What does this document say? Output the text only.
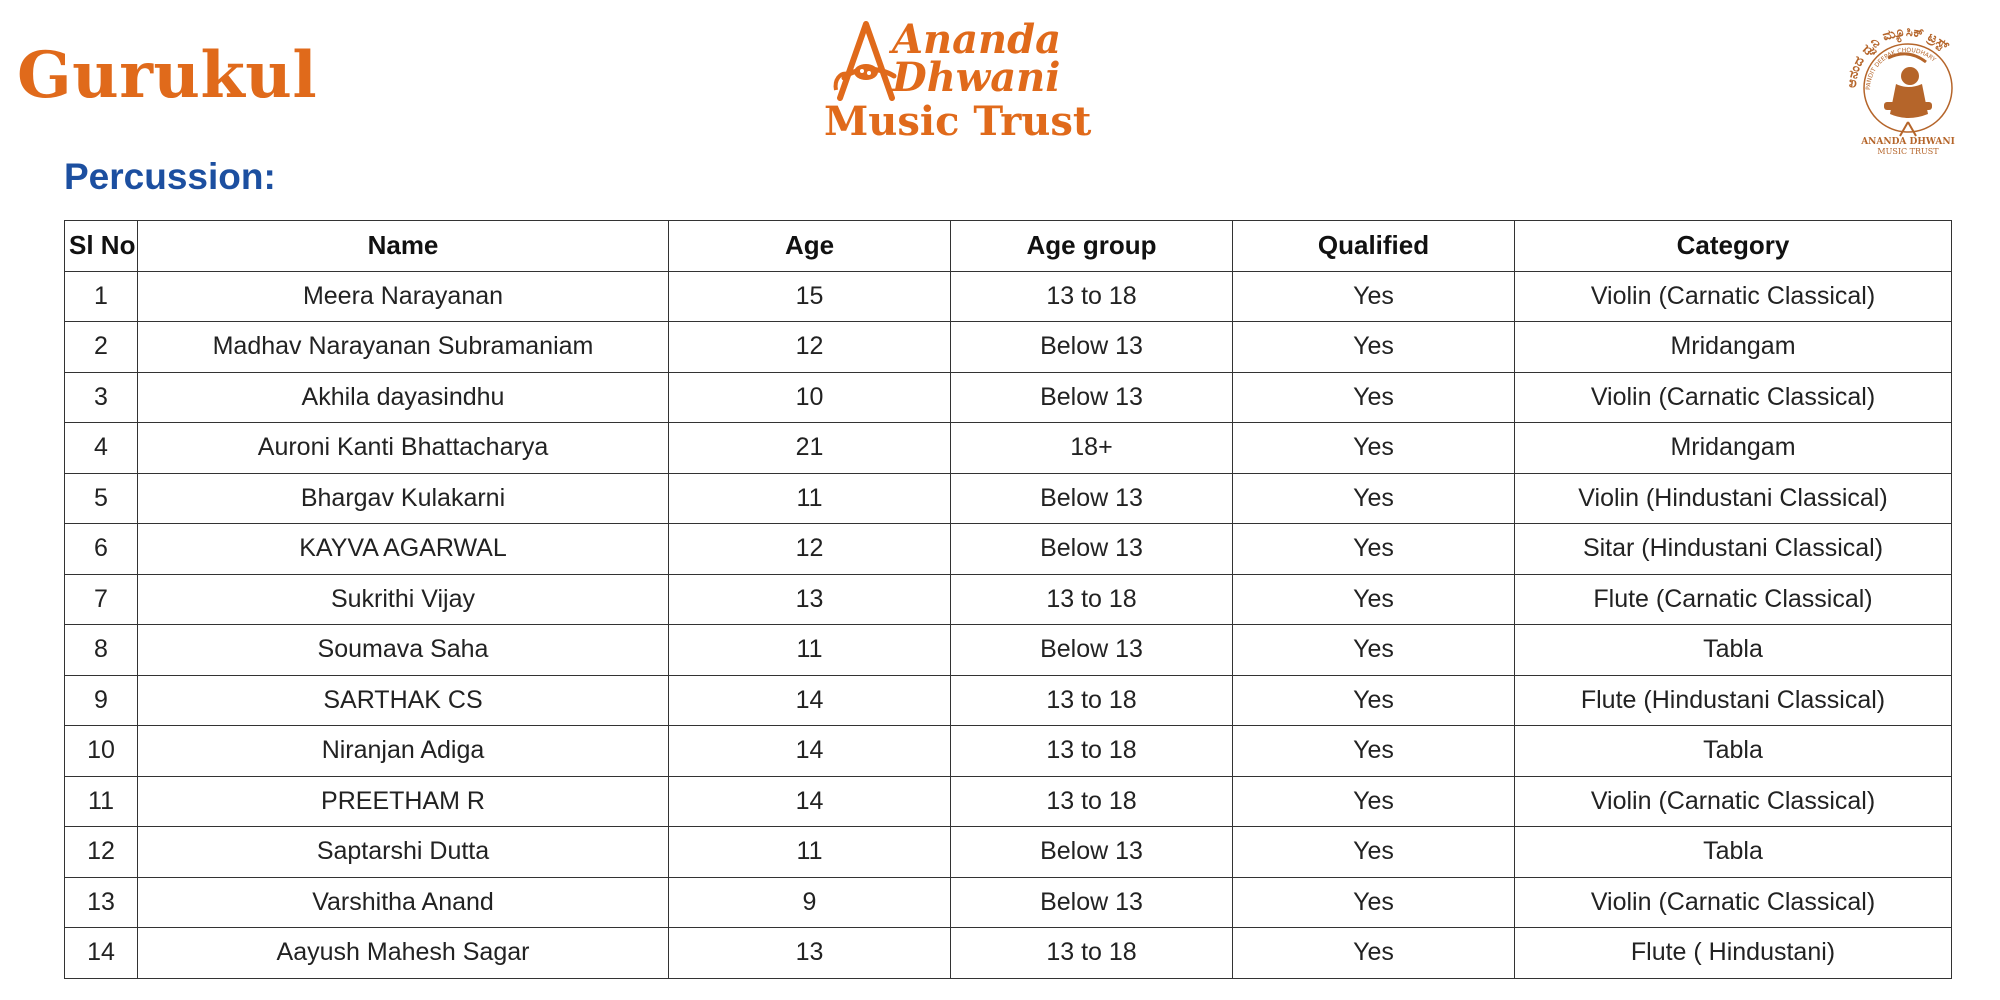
Gurukul	Ananda
Dhwani
Music Trust
ಆನಂದ ಧ್ವನಿ ಮ್ಯೂಸಿಕ್ ಟ್ರಸ್ಟ್
PANDIT DEEPAK CHOUDHARY
ANANDA DHWANI
MUSIC TRUST
Percussion:
Sl No	Name	Age	Age group	Qualified	Category
1	Meera Narayanan	15	13 to 18	Yes	Violin (Carnatic Classical)
2	Madhav Narayanan Subramaniam	12	Below 13	Yes	Mridangam
3	Akhila dayasindhu	10	Below 13	Yes	Violin (Carnatic Classical)
4	Auroni Kanti Bhattacharya	21	18+	Yes	Mridangam
5	Bhargav Kulakarni	11	Below 13	Yes	Violin (Hindustani Classical)
6	KAYVA AGARWAL	12	Below 13	Yes	Sitar (Hindustani Classical)
7	Sukrithi Vijay	13	13 to 18	Yes	Flute (Carnatic Classical)
8	Soumava Saha	11	Below 13	Yes	Tabla
9	SARTHAK CS	14	13 to 18	Yes	Flute (Hindustani Classical)
10	Niranjan Adiga	14	13 to 18	Yes	Tabla
11	PREETHAM R	14	13 to 18	Yes	Violin (Carnatic Classical)
12	Saptarshi Dutta	11	Below 13	Yes	Tabla
13	Varshitha Anand	9	Below 13	Yes	Violin (Carnatic Classical)
14	Aayush Mahesh Sagar	13	13 to 18	Yes	Flute ( Hindustani)
